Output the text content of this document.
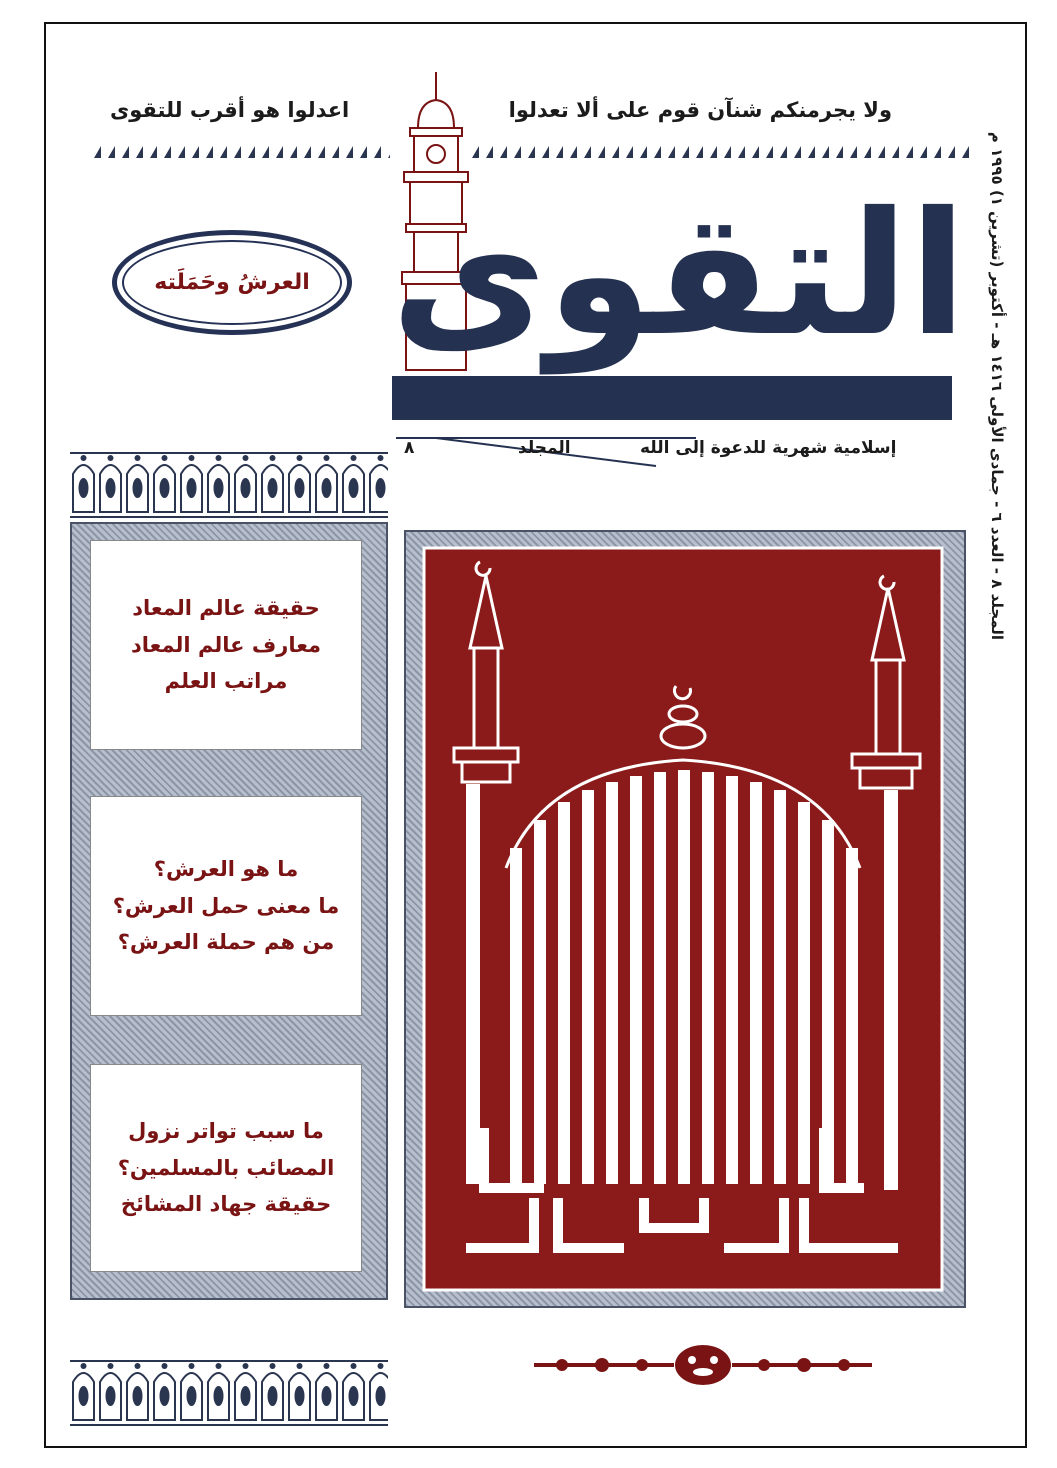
ولا يجرمنكم شنآن قوم على ألا تعدلوا
اعدلوا هو أقرب للتقوى
التقوى
إسلامية شهرية للدعوة إلى الله
المجلد
٨
العرشُ وحَمَلَته
حقيقة عالم المعاد
معارف عالم المعاد
مراتب العلم
ما هو العرش؟
ما معنى حمل العرش؟
من هم حملة العرش؟
ما سبب تواتر نزول
المصائب بالمسلمين؟
حقيقة جهاد المشائخ
المجلد ٨ - العدد ٦ - جمادى الأولى ١٤١٦ هـ - أكتوبر (تشرين ١) ١٩٩٥ م
